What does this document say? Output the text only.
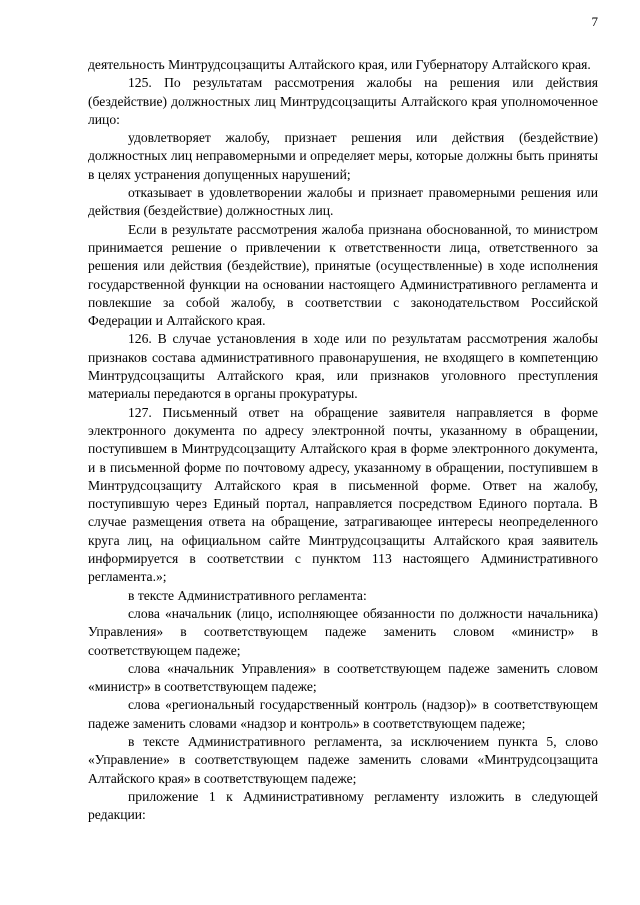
7

деятельность Минтрудсоцзащиты Алтайского края, или Губернатору Алтайского края.

125. По результатам рассмотрения жалобы на решения или действия (бездействие) должностных лиц Минтрудсоцзащиты Алтайского края уполномоченное лицо:

удовлетворяет жалобу, признает решения или действия (бездействие) должностных лиц неправомерными и определяет меры, которые должны быть приняты в целях устранения допущенных нарушений;

отказывает в удовлетворении жалобы и признает правомерными решения или действия (бездействие) должностных лиц.

Если в результате рассмотрения жалоба признана обоснованной, то министром принимается решение о привлечении к ответственности лица, ответственного за решения или действия (бездействие), принятые (осуществленные) в ходе исполнения государственной функции на основании настоящего Административного регламента и повлекшие за собой жалобу, в соответствии с законодательством Российской Федерации и Алтайского края.

126. В случае установления в ходе или по результатам рассмотрения жалобы признаков состава административного правонарушения, не входящего в компетенцию Минтрудсоцзащиты Алтайского края, или признаков уголовного преступления материалы передаются в органы прокуратуры.

127. Письменный ответ на обращение заявителя направляется в форме электронного документа по адресу электронной почты, указанному в обращении, поступившем в Минтрудсоцзащиту Алтайского края в форме электронного документа, и в письменной форме по почтовому адресу, указанному в обращении, поступившем в Минтрудсоцзащиту Алтайского края в письменной форме. Ответ на жалобу, поступившую через Единый портал, направляется посредством Единого портала. В случае размещения ответа на обращение, затрагивающее интересы неопределенного круга лиц, на официальном сайте Минтрудсоцзащиты Алтайского края заявитель информируется в соответствии с пунктом 113 настоящего Административного регламента.»;

в тексте Административного регламента:

слова «начальник (лицо, исполняющее обязанности по должности начальника) Управления» в соответствующем падеже заменить словом «министр» в соответствующем падеже;

слова «начальник Управления» в соответствующем падеже заменить словом «министр» в соответствующем падеже;

слова «региональный государственный контроль (надзор)» в соответствующем падеже заменить словами «надзор и контроль» в соответствующем падеже;

в тексте Административного регламента, за исключением пункта 5, слово «Управление» в соответствующем падеже заменить словами «Минтрудсоцзащита Алтайского края» в соответствующем падеже;

приложение 1 к Административному регламенту изложить в следующей редакции:
